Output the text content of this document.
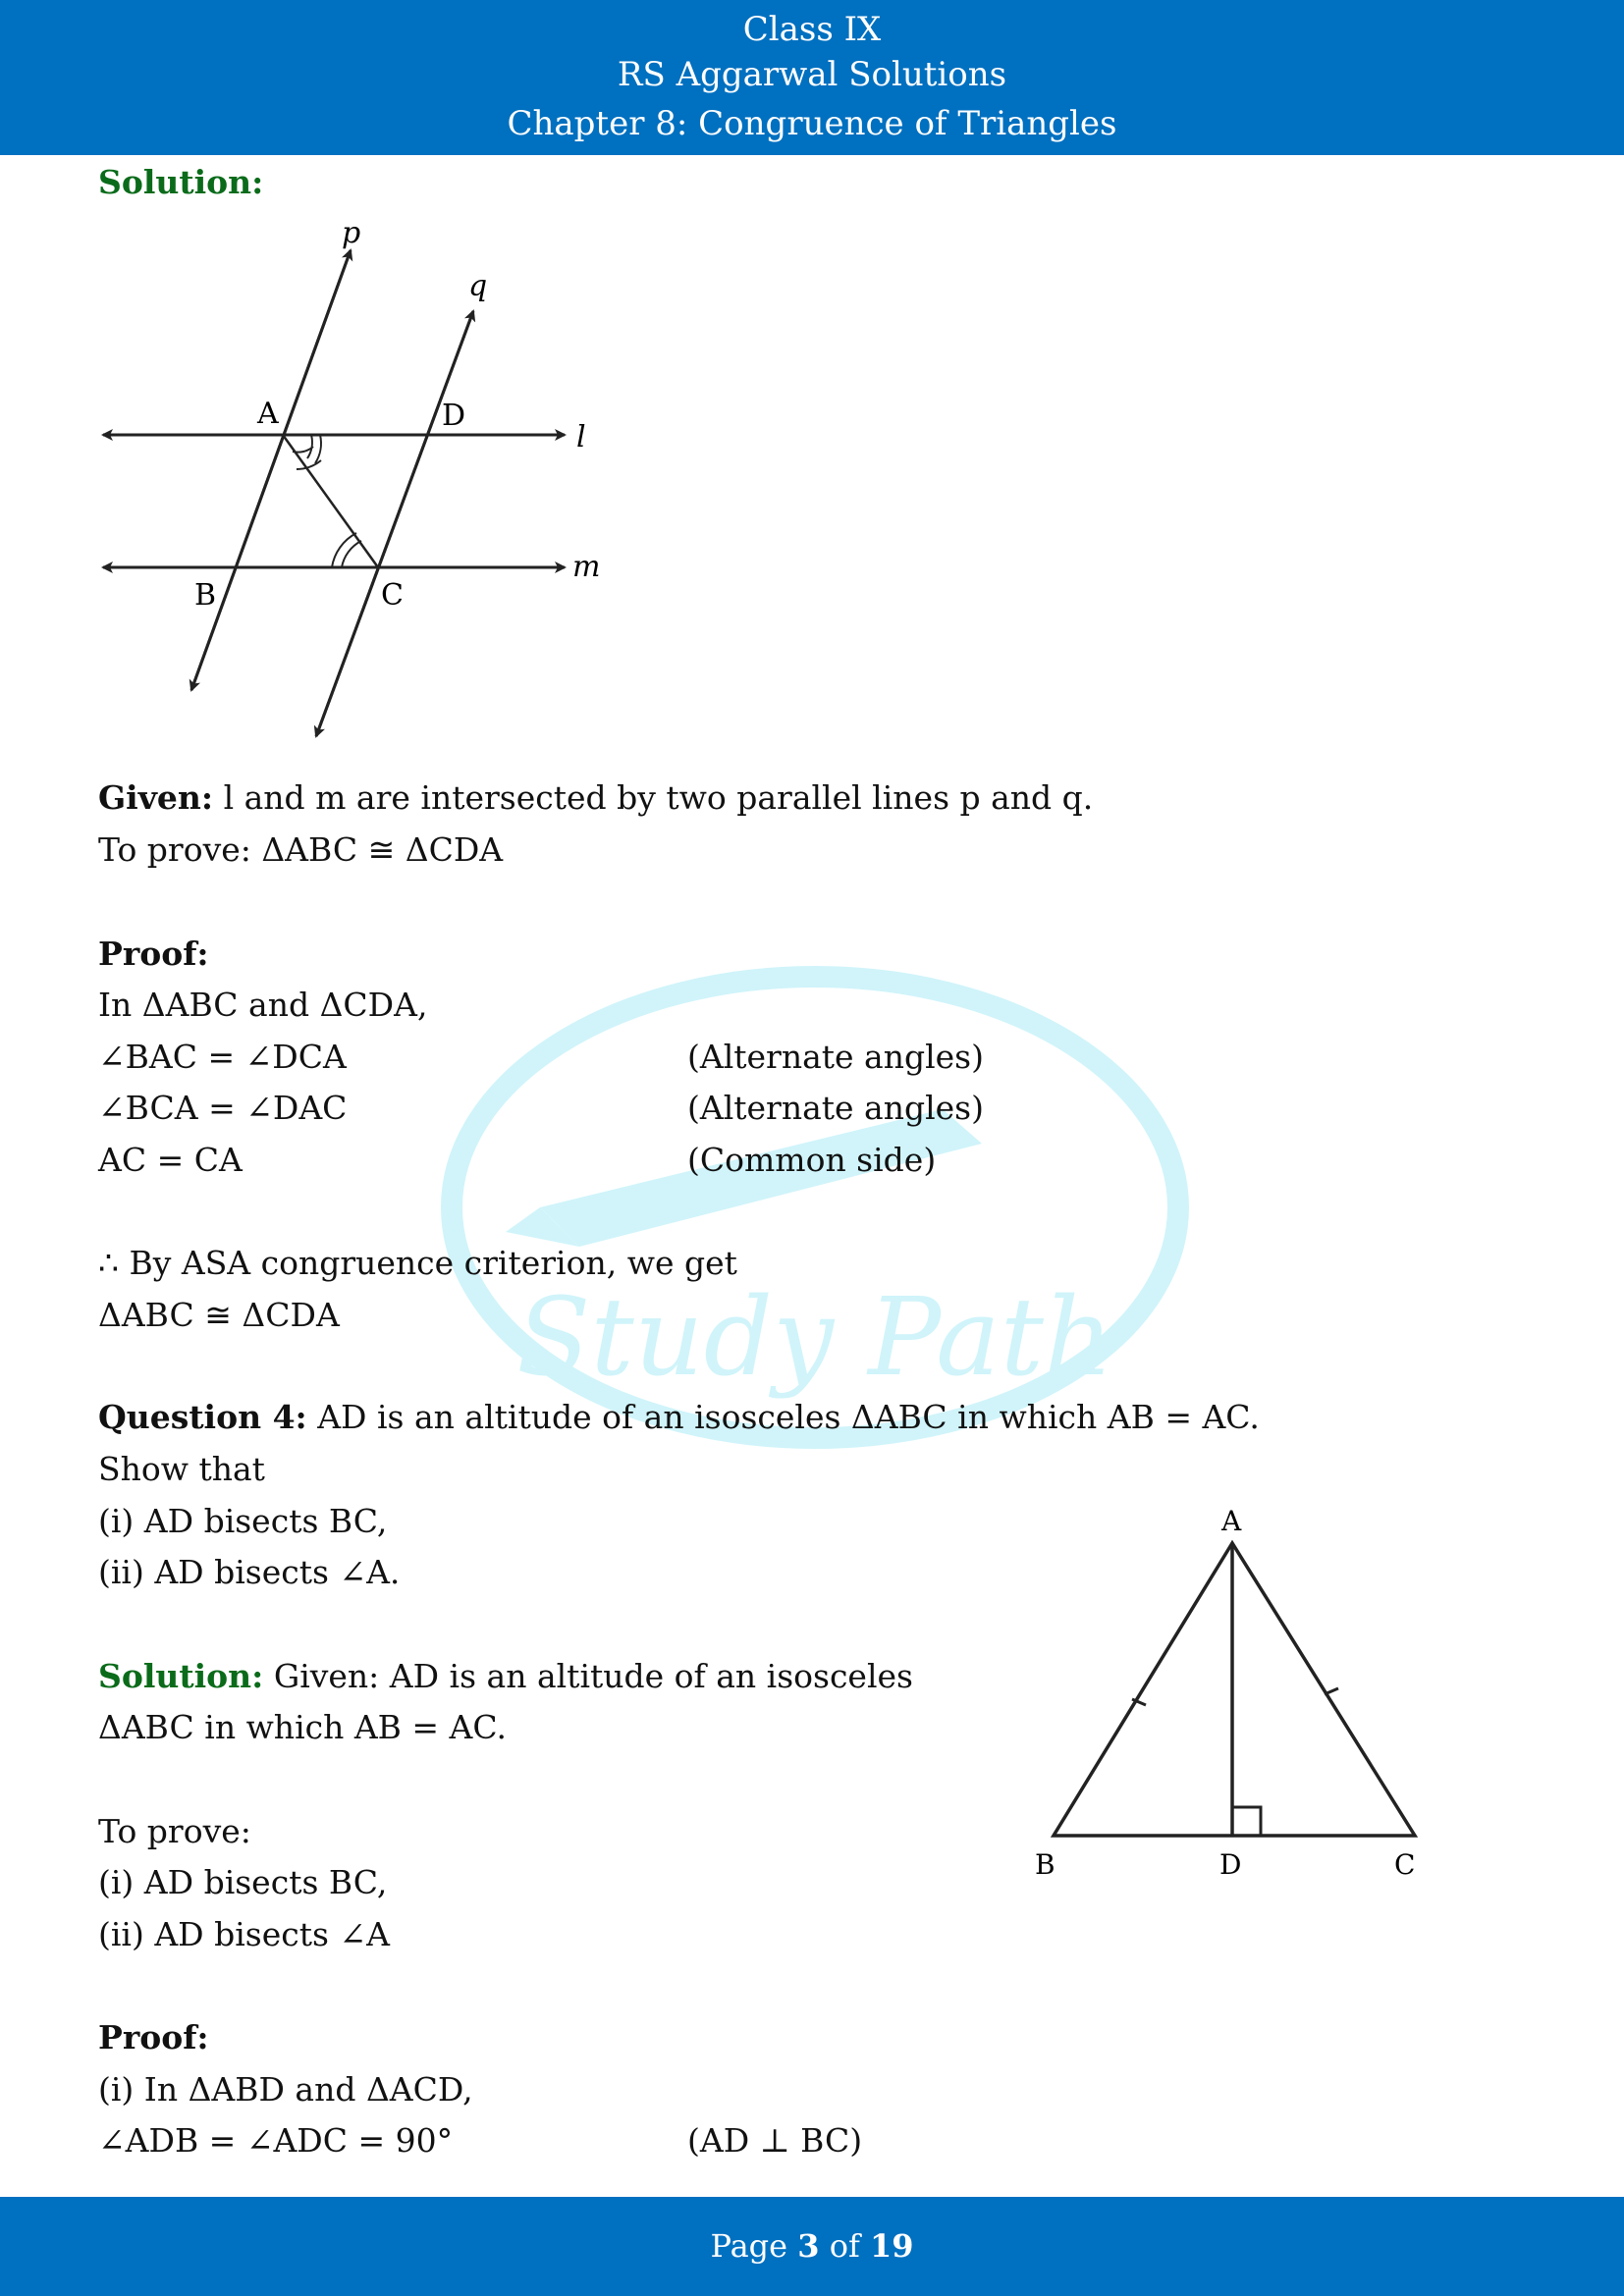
Class IX
RS Aggarwal Solutions
Chapter 8: Congruence of Triangles
Study Path
Solution:
p
q
l
m
A	D
B	C
Given: l and m are intersected by two parallel lines p and q.
To prove: ΔABC ≅ ΔCDA
Proof:
In ΔABC and ΔCDA,
∠BAC = ∠DCA	(Alternate angles)
∠BCA = ∠DAC	(Alternate angles)
AC = CA	(Common side)
∴ By ASA congruence criterion, we get
ΔABC ≅ ΔCDA
Question 4: AD is an altitude of an isosceles ΔABC in which AB = AC.
Show that
(i) AD bisects BC,
(ii) AD bisects ∠A.
Solution: Given: AD is an altitude of an isosceles
ΔABC in which AB = AC.
To prove:
(i) AD bisects BC,
(ii) AD bisects ∠A
Proof:
(i) In ΔABD and ΔACD,
∠ADB = ∠ADC = 90°	(AD ⊥ BC)
A
B	D	C
Page 3 of 19
